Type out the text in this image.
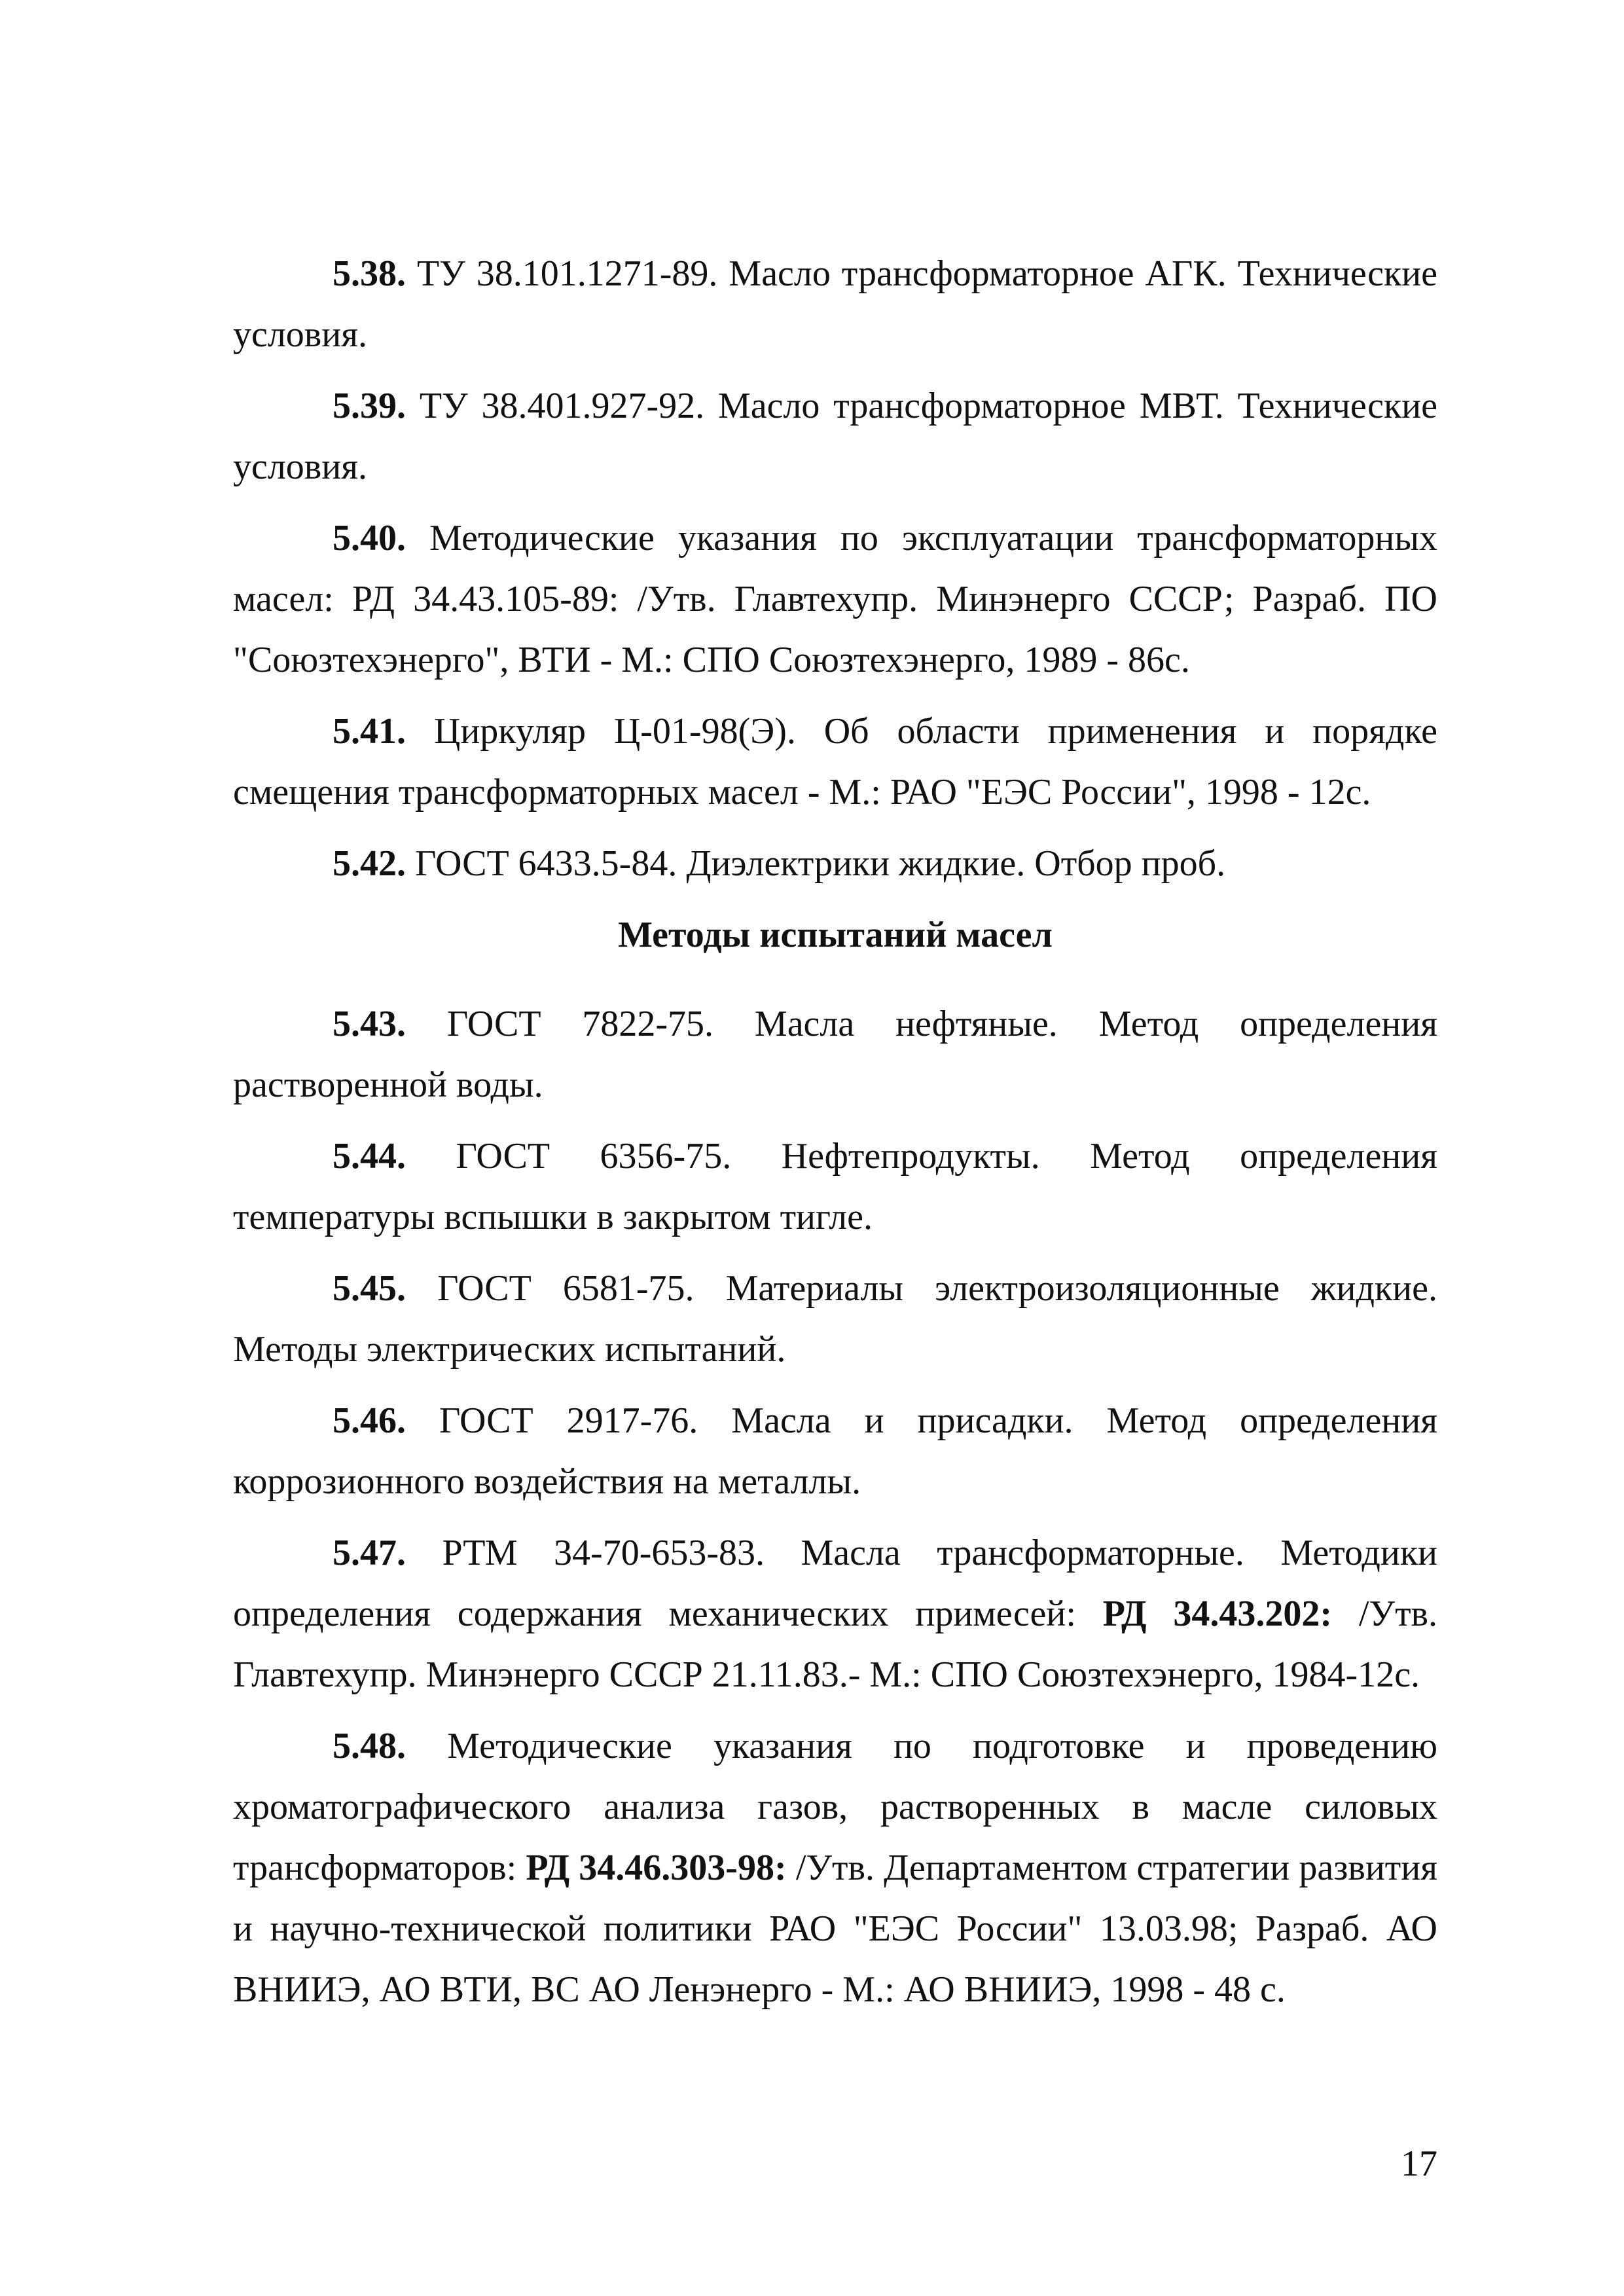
5.38. ТУ 38.101.1271-89. Масло трансформаторное АГК. Технические условия.

5.39. ТУ 38.401.927-92. Масло трансформаторное МВТ. Технические условия.

5.40. Методические указания по эксплуатации трансформаторных масел: РД 34.43.105-89: /Утв. Главтехупр. Минэнерго СССР; Разраб. ПО "Союзтехэнерго", ВТИ - М.: СПО Союзтехэнерго, 1989 - 86с.

5.41. Циркуляр Ц-01-98(Э). Об области применения и порядке смещения трансформаторных масел - М.: РАО "ЕЭС России", 1998 - 12с.

5.42. ГОСТ 6433.5-84. Диэлектрики жидкие. Отбор проб.

Методы испытаний масел

5.43. ГОСТ 7822-75. Масла нефтяные. Метод определения растворенной воды.

5.44. ГОСТ 6356-75. Нефтепродукты. Метод определения температуры вспышки в закрытом тигле.

5.45. ГОСТ 6581-75. Материалы электроизоляционные жидкие. Методы электрических испытаний.

5.46. ГОСТ 2917-76. Масла и присадки. Метод определения коррозионного воздействия на металлы.

5.47. РТМ 34-70-653-83. Масла трансформаторные. Методики определения содержания механических примесей: РД 34.43.202: /Утв. Главтехупр. Минэнерго СССР 21.11.83.- М.: СПО Союзтехэнерго, 1984-12с.

5.48. Методические указания по подготовке и проведению хроматографического анализа газов, растворенных в масле силовых трансформаторов: РД 34.46.303-98: /Утв. Департаментом стратегии развития и научно-технической политики РАО "ЕЭС России" 13.03.98; Разраб. АО ВНИИЭ, АО ВТИ, ВС АО Ленэнерго - М.: АО ВНИИЭ, 1998 - 48 с.

17
